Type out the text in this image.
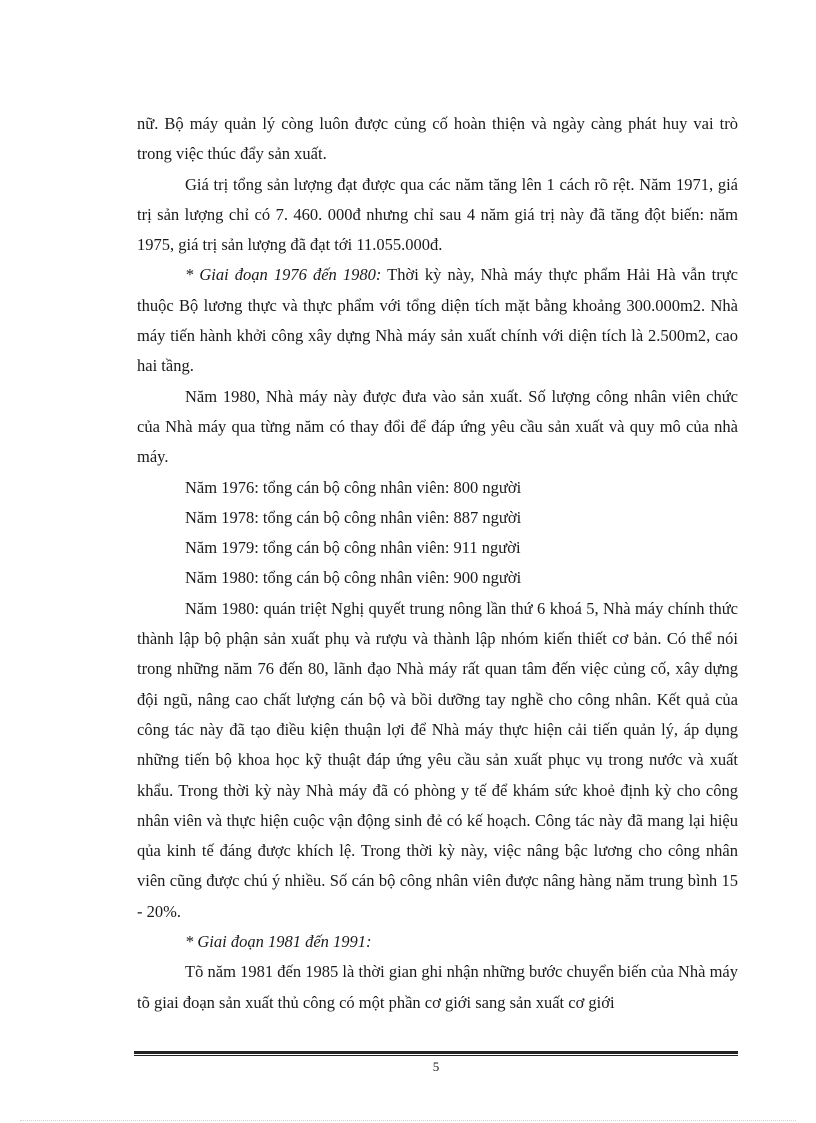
nữ. Bộ máy quản lý còng luôn được củng cố hoàn thiện và ngày càng phát huy vai trò trong việc thúc đẩy sản xuất.

Giá trị tổng sản lượng đạt được qua các năm tăng lên 1 cách rõ rệt. Năm 1971, giá trị sản lượng chỉ có 7. 460. 000đ nhưng chỉ sau 4 năm giá trị này đã tăng đột biến: năm 1975, giá trị sản lượng đã đạt tới 11.055.000đ.

* Giai đoạn 1976 đến 1980: Thời kỳ này, Nhà máy thực phẩm Hải Hà vẫn trực thuộc Bộ lương thực và thực phẩm với tổng diện tích mặt bằng khoảng 300.000m2. Nhà máy tiến hành khởi công xây dựng Nhà máy sản xuất chính với diện tích là 2.500m2, cao hai tầng.

Năm 1980, Nhà máy này được đưa vào sản xuất. Số lượng công nhân viên chức của Nhà máy qua từng năm có thay đổi để đáp ứng yêu cầu sản xuất và quy mô của nhà máy.

Năm 1976: tổng cán bộ công nhân viên: 800 người

Năm 1978: tổng cán bộ công nhân viên: 887 người

Năm 1979: tổng cán bộ công nhân viên: 911 người

Năm 1980: tổng cán bộ công nhân viên: 900 người

Năm 1980: quán triệt Nghị quyết trung nông lần thứ 6 khoá 5, Nhà máy chính thức thành lập bộ phận sản xuất phụ và rượu và thành lập nhóm kiến thiết cơ bản. Có thể nói trong những năm 76 đến 80, lãnh đạo Nhà máy rất quan tâm đến việc củng cố, xây dựng đội ngũ, nâng cao chất lượng cán bộ và bồi dưỡng tay nghề cho công nhân. Kết quả của công tác này đã tạo điều kiện thuận lợi để Nhà máy thực hiện cải tiến quản lý, áp dụng những tiến bộ khoa học kỹ thuật đáp ứng yêu cầu sản xuất phục vụ trong nước và xuất khẩu. Trong thời kỳ này Nhà máy đã có phòng y tế để khám sức khoẻ định kỳ cho công nhân viên và thực hiện cuộc vận động sinh đẻ có kế hoạch. Công tác này đã mang lại hiệu qủa kinh tế đáng được khích lệ. Trong thời kỳ này, việc nâng bậc lương cho công nhân viên cũng được chú ý nhiều. Số cán bộ công nhân viên được nâng hàng năm trung bình 15 - 20%.

* Giai đoạn 1981 đến 1991:

Tõ năm 1981 đến 1985 là thời gian ghi nhận những bước chuyển biến của Nhà máy tõ giai đoạn sản xuất thủ công có một phần cơ giới sang sản xuất cơ giới

5
